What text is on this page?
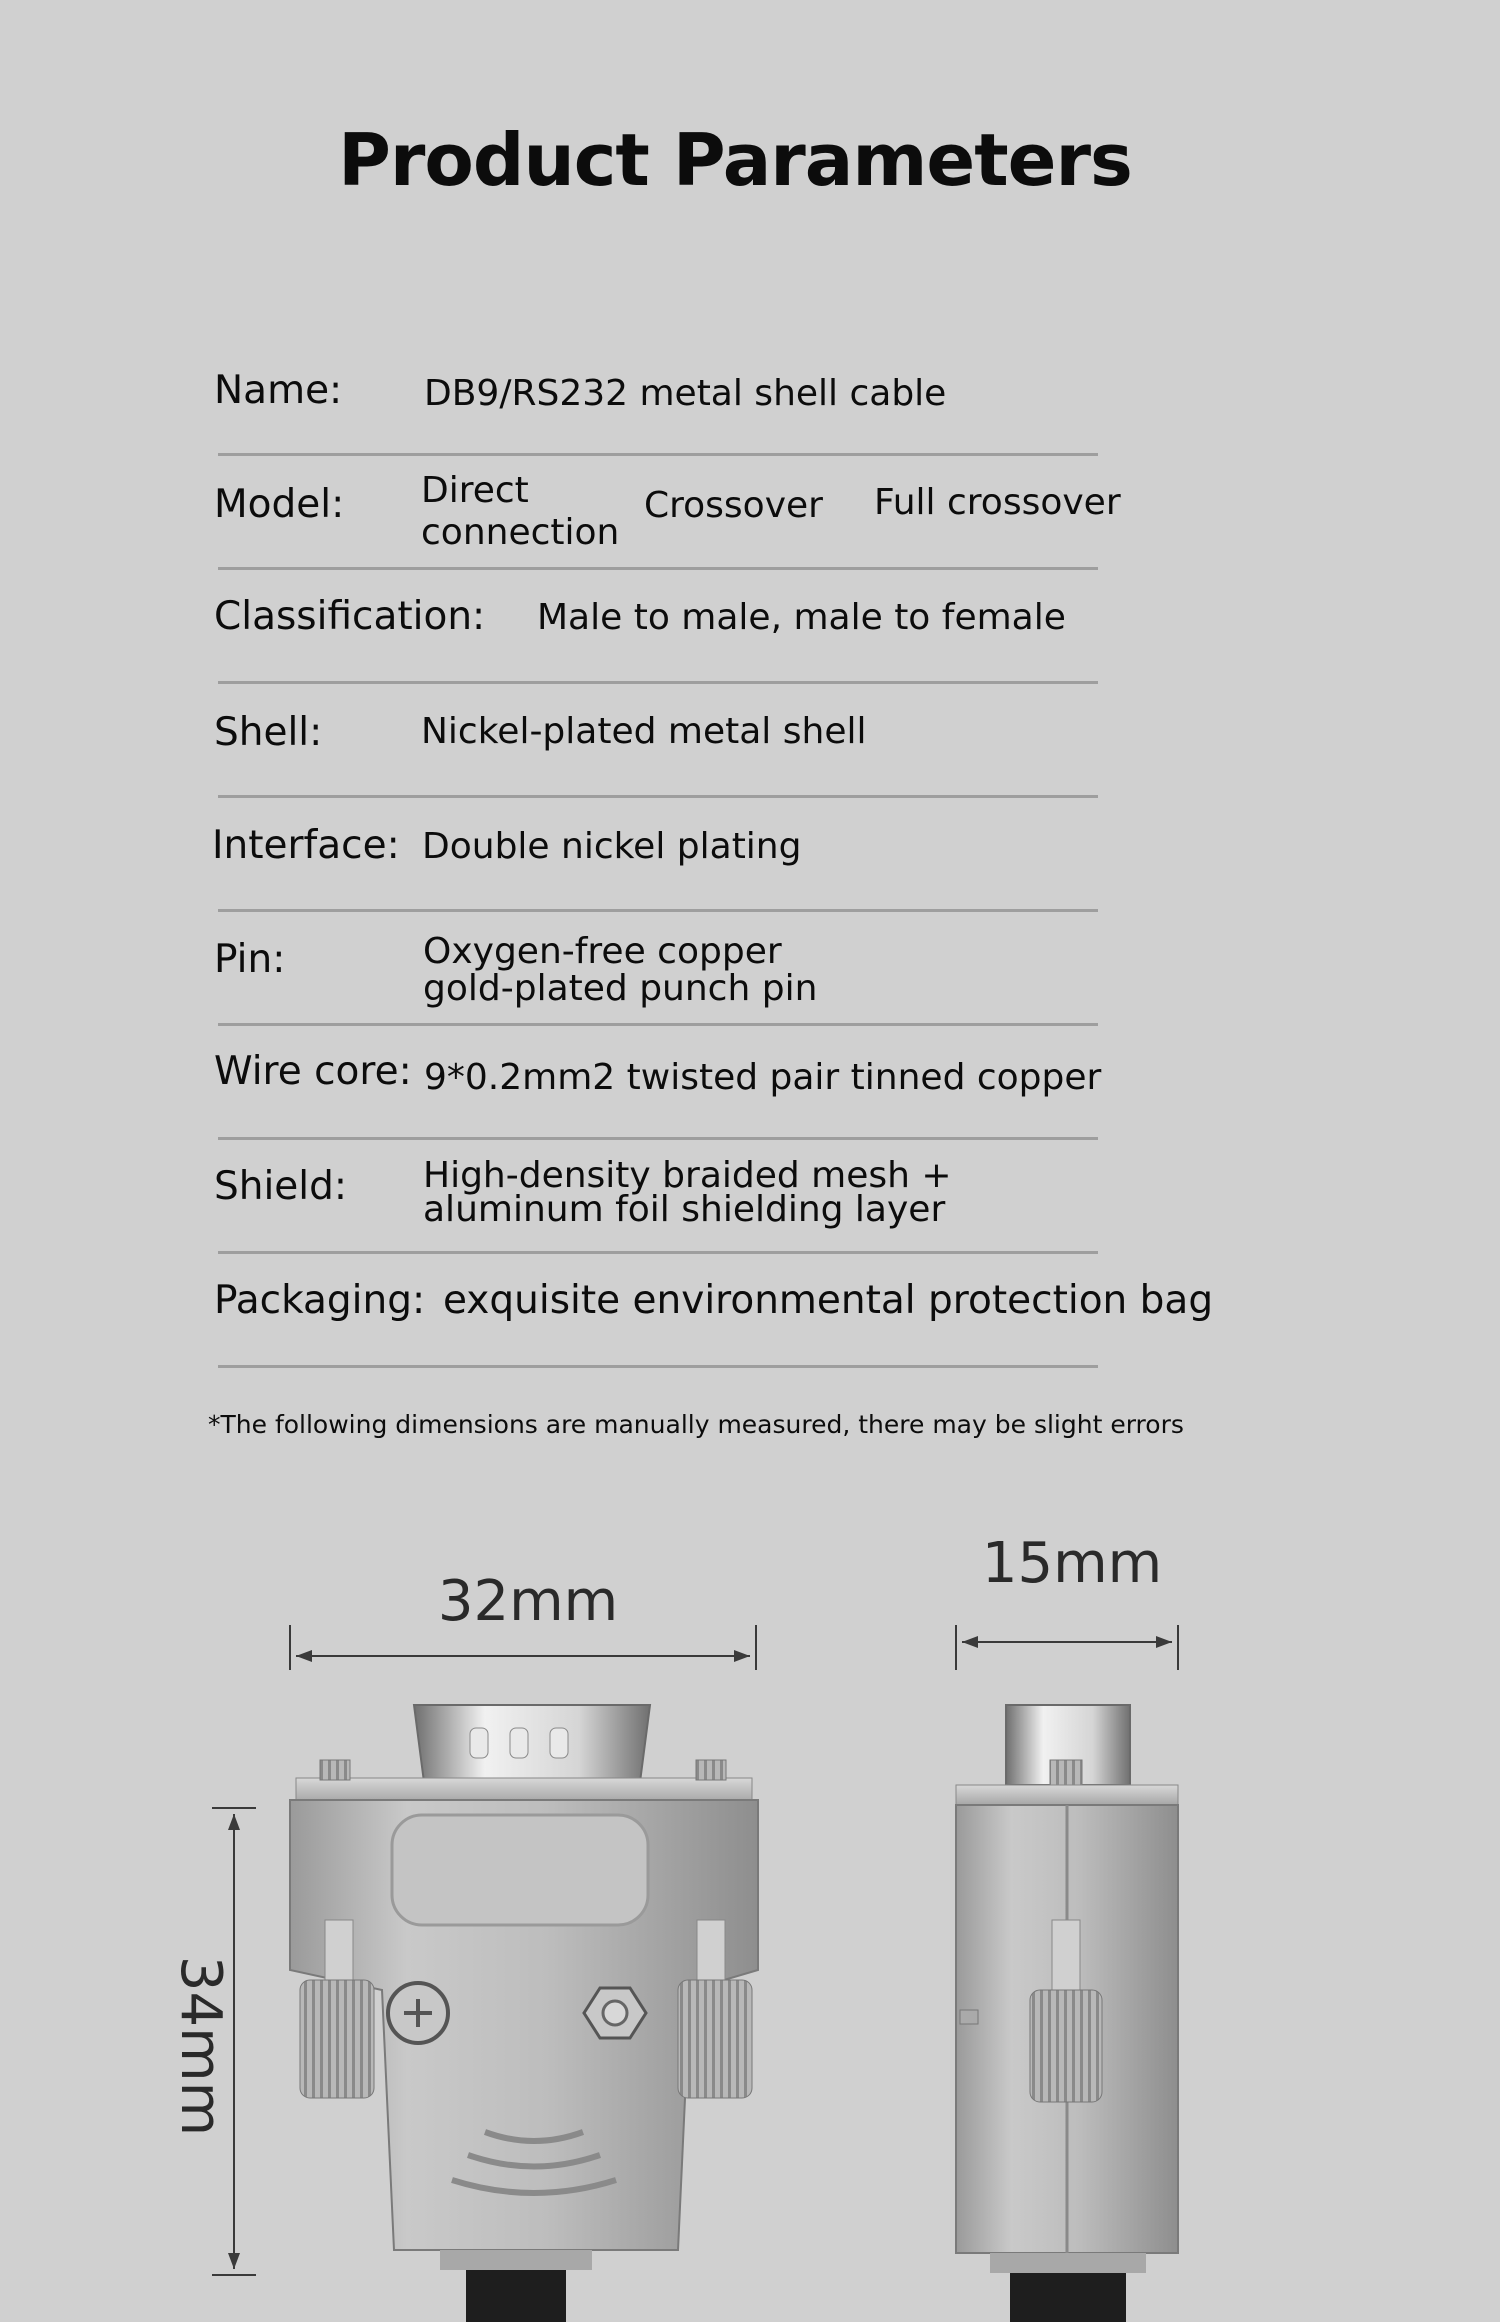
Product Parameters
Name: DB9/RS232 metal shell cable
Model: Direct connection
Crossover Full crossover
Classification: Male to male, male to female
Shell:	Nickel-plated metal shell
Interface: Double nickel plating
Pin:	Oxygen-free copper
gold-plated punch pin
Wire core: 9*0.2mm2 twisted pair tinned copper
Shield: High-density braided mesh +
aluminum foil shielding layer
Packaging: exquisite environmental protection bag
*The following dimensions are manually measured, there may be slight errors
32mm
15mm
34mm
